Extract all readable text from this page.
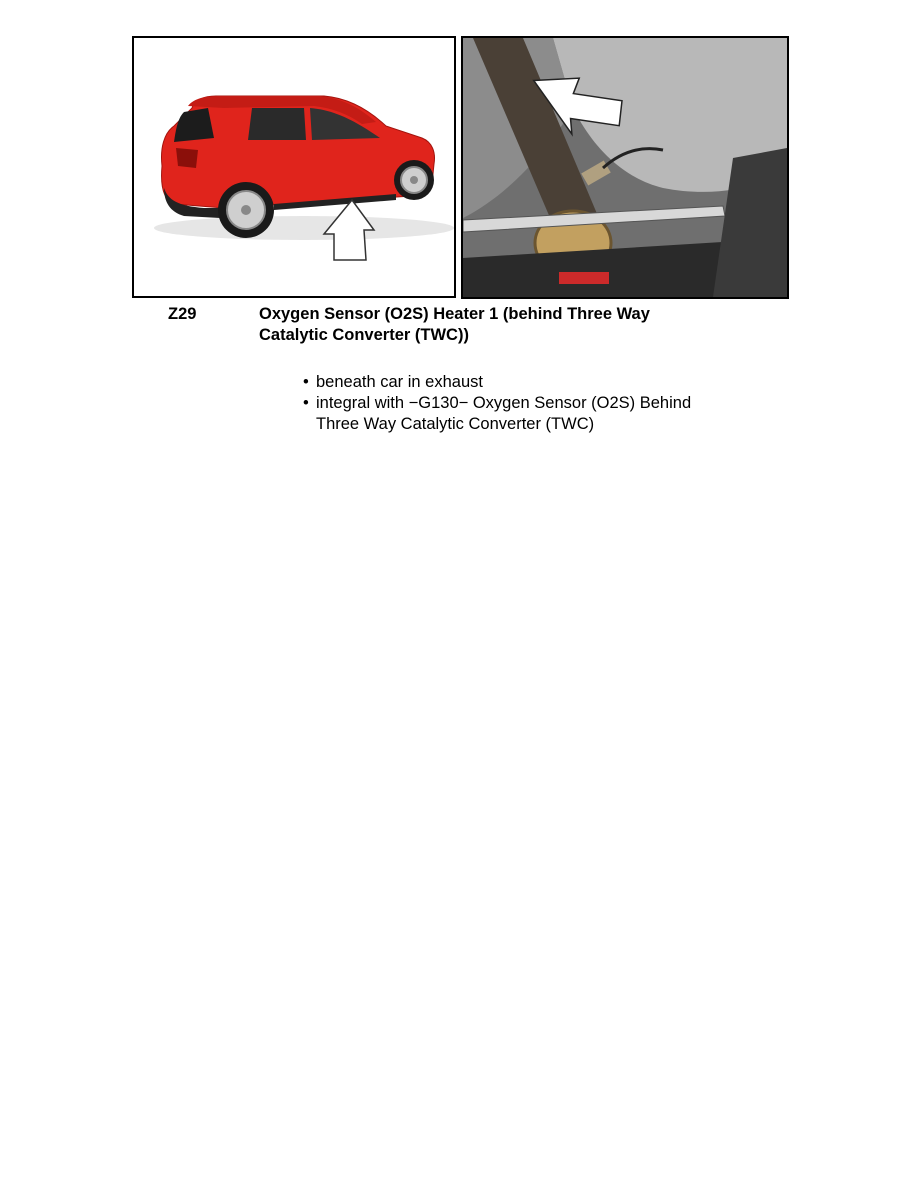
Z29	Oxygen Sensor (O2S) Heater 1 (behind Three Way
Catalytic Converter (TWC))
• beneath car in exhaust
• integral with −G130− Oxygen Sensor (O2S) Behind
Three Way Catalytic Converter (TWC)
